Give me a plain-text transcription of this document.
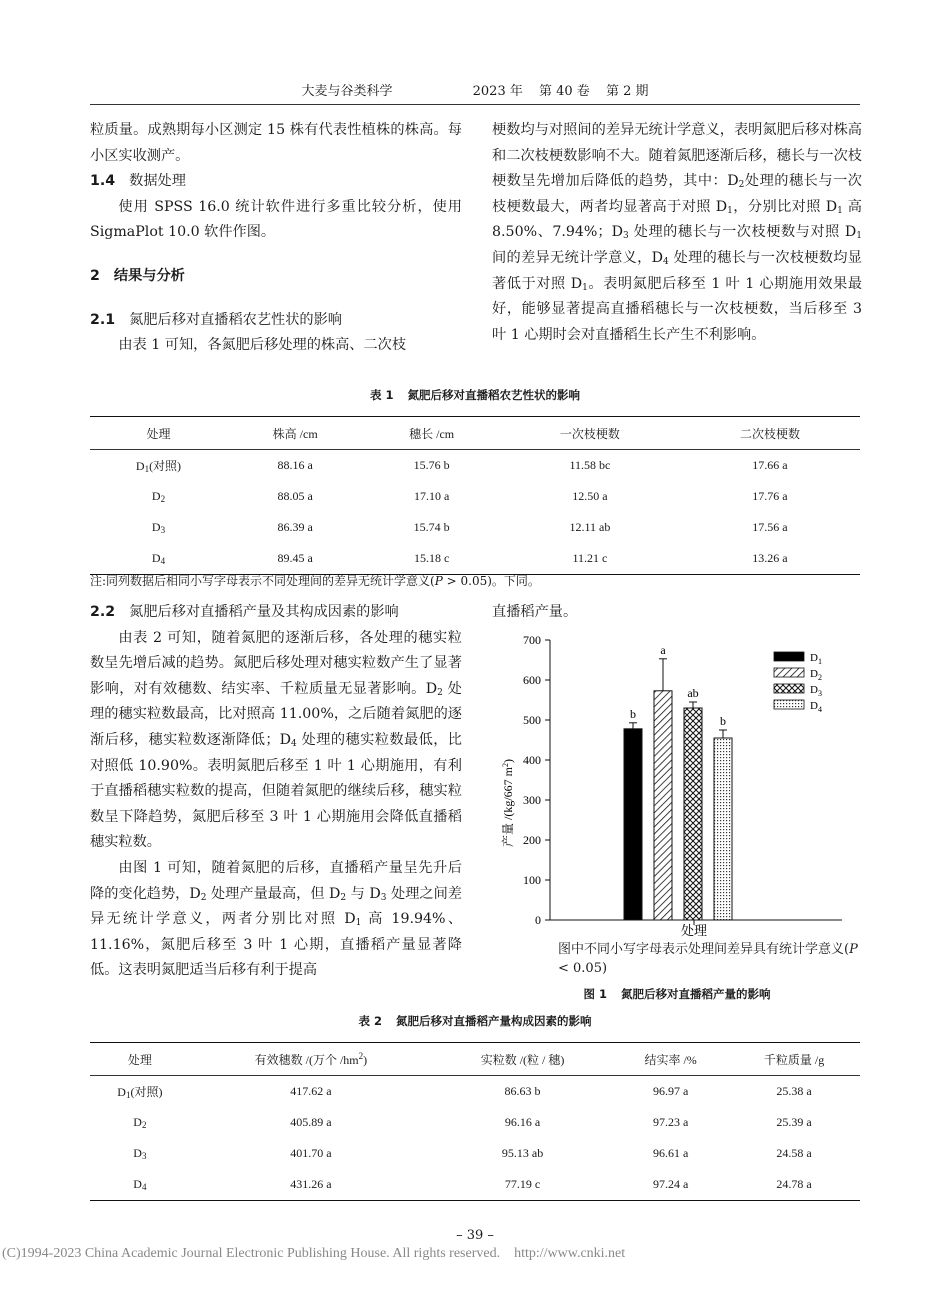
大麦与谷类科学	2023 年 第 40 卷 第 2 期

粒质量。成熟期每小区测定 15 株有代表性植株的株高。每小区实收测产。

1.4 数据处理

使用 SPSS 16.0 统计软件进行多重比较分析，使用 SigmaPlot 10.0 软件作图。

2 结果与分析

2.1 氮肥后移对直播稻农艺性状的影响

由表 1 可知，各氮肥后移处理的株高、二次枝

梗数均与对照间的差异无统计学意义，表明氮肥后移对株高和二次枝梗数影响不大。随着氮肥逐渐后移，穗长与一次枝梗数呈先增加后降低的趋势，其中：$D_2$处理的穗长与一次枝梗数最大，两者均显著高于对照 $D_1$，分别比对照 $D_1$ 高 8.50%、7.94%；$D_3$ 处理的穗长与一次枝梗数与对照 $D_1$ 间的差异无统计学意义，$D_4$ 处理的穗长与一次枝梗数均显著低于对照 $D_1$。表明氮肥后移至 1 叶 1 心期施用效果最好，能够显著提高直播稻穗长与一次枝梗数，当后移至 3 叶 1 心期时会对直播稻生长产生不利影响。

表 1 氮肥后移对直播稻农艺性状的影响
处理	株高 /cm	穗长 /cm	一次枝梗数	二次枝梗数
$D_1$(对照)	88.16 a	15.76 b	11.58 bc	17.66 a
$D_2$	88.05 a	17.10 a	12.50 a	17.76 a
$D_3$	86.39 a	15.74 b	12.11 ab	17.56 a
$D_4$	89.45 a	15.18 c	11.21 c	13.26 a
注:同列数据后相同小写字母表示不同处理间的差异无统计学意义(P > 0.05)。下同。

2.2 氮肥后移对直播稻产量及其构成因素的影响

由表 2 可知，随着氮肥的逐渐后移，各处理的穗实粒数呈先增后减的趋势。氮肥后移处理对穗实粒数产生了显著影响，对有效穗数、结实率、千粒质量无显著影响。$D_2$ 处理的穗实粒数最高，比对照高 11.00%，之后随着氮肥的逐渐后移，穗实粒数逐渐降低；$D_4$ 处理的穗实粒数最低，比对照低 10.90%。表明氮肥后移至 1 叶 1 心期施用，有利于直播稻穗实粒数的提高，但随着氮肥的继续后移，穗实粒数呈下降趋势，氮肥后移至 3 叶 1 心期施用会降低直播稻穗实粒数。

由图 1 可知，随着氮肥的后移，直播稻产量呈先升后降的变化趋势，$D_2$ 处理产量最高，但 $D_2$ 与 $D_3$ 处理之间差异无统计学意义，两者分别比对照 $D_1$ 高 19.94%、11.16%，氮肥后移至 3 叶 1 心期，直播稻产量显著降低。这表明氮肥适当后移有利于提高

直播稻产量。

0
100
200
300
400
500
600
700
b
a
ab
b
$D_1$
$D_2$
$D_3$
$D_4$
产量 /(kg/667 $m^2$)
处理
图中不同小写字母表示处理间差异具有统计学意义(P < 0.05)
图 1 氮肥后移对直播稻产量的影响
表 2 氮肥后移对直播稻产量构成因素的影响
处理	有效穗数 /(万个 $/hm^2$)	实粒数 /(粒 / 穗)	结实率 /%	千粒质量 /g
$D_1$(对照)	417.62 a	86.63 b	96.97 a	25.38 a
$D_2$	405.89 a	96.16 a	97.23 a	25.39 a
$D_3$	401.70 a	95.13 ab	96.61 a	24.58 a
$D_4$	431.26 a	77.19 c	97.24 a	24.78 a
– 39 –
(C)1994-2023 China Academic Journal Electronic Publishing House. All rights reserved.    http://www.cnki.net
